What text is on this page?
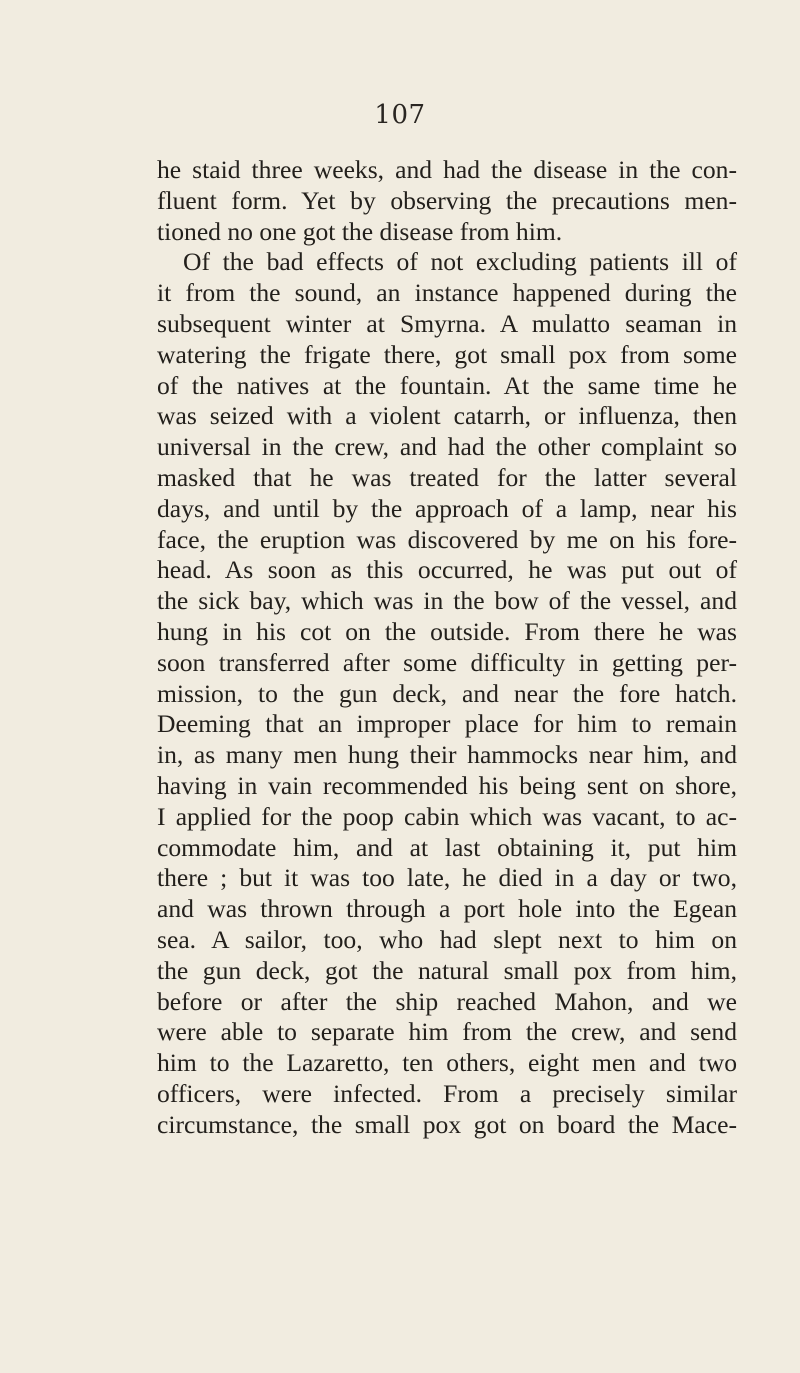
107
he staid three weeks, and had the disease in the con-
fluent form. Yet by observing the precautions men-
tioned no one got the disease from him.
Of the bad effects of not excluding patients ill of
it from the sound, an instance happened during the
subsequent winter at Smyrna. A mulatto seaman in
watering the frigate there, got small pox from some
of the natives at the fountain. At the same time he
was seized with a violent catarrh, or influenza, then
universal in the crew, and had the other complaint so
masked that he was treated for the latter several
days, and until by the approach of a lamp, near his
face, the eruption was discovered by me on his fore-
head. As soon as this occurred, he was put out of
the sick bay, which was in the bow of the vessel, and
hung in his cot on the outside. From there he was
soon transferred after some difficulty in getting per-
mission, to the gun deck, and near the fore hatch.
Deeming that an improper place for him to remain
in, as many men hung their hammocks near him, and
having in vain recommended his being sent on shore,
I applied for the poop cabin which was vacant, to ac-
commodate him, and at last obtaining it, put him
there ; but it was too late, he died in a day or two,
and was thrown through a port hole into the Egean
sea. A sailor, too, who had slept next to him on
the gun deck, got the natural small pox from him,
before or after the ship reached Mahon, and we
were able to separate him from the crew, and send
him to the Lazaretto, ten others, eight men and two
officers, were infected. From a precisely similar
circumstance, the small pox got on board the Mace-
